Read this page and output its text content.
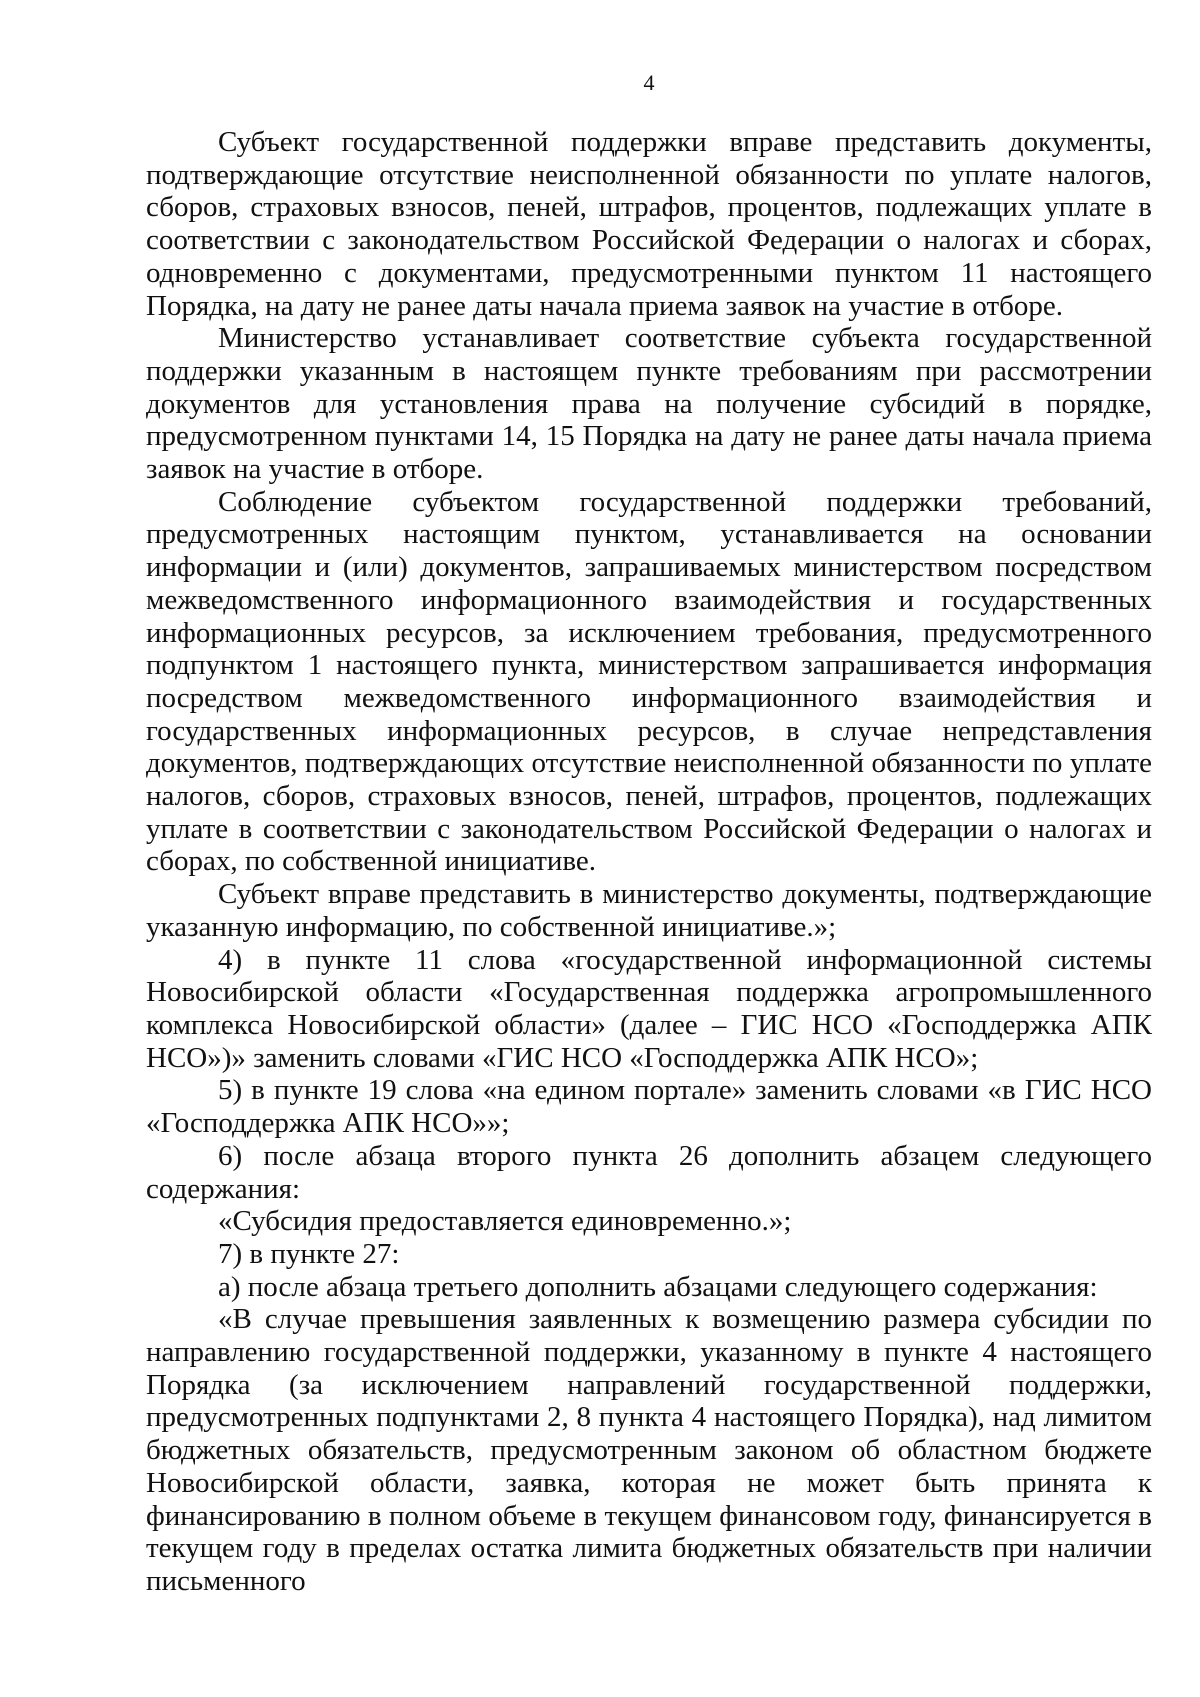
4

Субъект государственной поддержки вправе представить документы, подтверждающие отсутствие неисполненной обязанности по уплате налогов, сборов, страховых взносов, пеней, штрафов, процентов, подлежащих уплате в соответствии с законодательством Российской Федерации о налогах и сборах, одновременно с документами, предусмотренными пунктом 11 настоящего Порядка, на дату не ранее даты начала приема заявок на участие в отборе.

Министерство устанавливает соответствие субъекта государственной поддержки указанным в настоящем пункте требованиям при рассмотрении документов для установления права на получение субсидий в порядке, предусмотренном пунктами 14, 15 Порядка на дату не ранее даты начала приема заявок на участие в отборе.

Соблюдение субъектом государственной поддержки требований, предусмотренных настоящим пунктом, устанавливается на основании информации и (или) документов, запрашиваемых министерством посредством межведомственного информационного взаимодействия и государственных информационных ресурсов, за исключением требования, предусмотренного подпунктом 1 настоящего пункта, министерством запрашивается информация посредством межведомственного информационного взаимодействия и государственных информационных ресурсов, в случае непредставления документов, подтверждающих отсутствие неисполненной обязанности по уплате налогов, сборов, страховых взносов, пеней, штрафов, процентов, подлежащих уплате в соответствии с законодательством Российской Федерации о налогах и сборах, по собственной инициативе.

Субъект вправе представить в министерство документы, подтверждающие указанную информацию, по собственной инициативе.»;

4) в пункте 11 слова «государственной информационной системы Новосибирской области «Государственная поддержка агропромышленного комплекса Новосибирской области» (далее – ГИС НСО «Господдержка АПК НСО»)» заменить словами «ГИС НСО «Господдержка АПК НСО»;

5) в пункте 19 слова «на едином портале» заменить словами «в ГИС НСО «Господдержка АПК НСО»»;

6) после абзаца второго пункта 26 дополнить абзацем следующего содержания:

«Субсидия предоставляется единовременно.»;

7) в пункте 27:

а) после абзаца третьего дополнить абзацами следующего содержания:

«В случае превышения заявленных к возмещению размера субсидии по направлению государственной поддержки, указанному в пункте 4 настоящего Порядка (за исключением направлений государственной поддержки, предусмотренных подпунктами 2, 8 пункта 4 настоящего Порядка), над лимитом бюджетных обязательств, предусмотренным законом об областном бюджете Новосибирской области, заявка, которая не может быть принята к финансированию в полном объеме в текущем финансовом году, финансируется в текущем году в пределах остатка лимита бюджетных обязательств при наличии письменного
